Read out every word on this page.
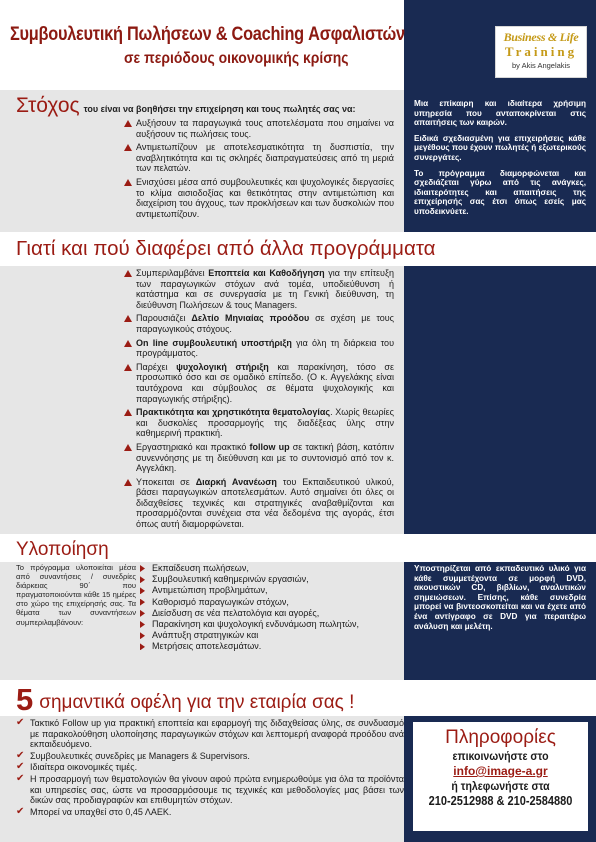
Συμβουλευτική Πωλήσεων & Coaching Ασφαλιστών
σε περιόδους οικονομικής κρίσης
Business & Life
Training
by Akis Angelakis
Στόχος του είναι να βοηθήσει την επιχείρηση και τους πωλητές σας να:
Αυξήσουν τα παραγωγικά τους αποτελέσματα που σημαίνει να αυξήσουν τις πωλήσεις τους.
Αντιμετωπίζουν με αποτελεσματικότητα τη δυσπιστία, την αναβλητικότητα και τις σκληρές διαπραγματεύσεις από τη μεριά των πελατών.
Ενισχύσει μέσα από συμβουλευτικές και ψυχολογικές διεργασίες το κλίμα αισιοδοξίας και θετικότητας στην αντιμετώπιση και διαχείριση του άγχους, των προκλήσεων και των δυσκολιών που αντιμετωπίζουν.

Μια επίκαιρη και ιδιαίτερα χρήσιμη υπηρεσία που ανταποκρίνεται στις απαιτήσεις των καιρών.

Ειδικά σχεδιασμένη για επιχειρήσεις κάθε μεγέθους που έχουν πωλητές ή εξωτερικούς συνεργάτες.

Το πρόγραμμα διαμορφώνεται και σχεδιάζεται γύρω από τις ανάγκες, ιδιαιτερότητες και απαιτήσεις της επιχείρησής σας έτσι όπως εσείς μας υποδεικνύετε.

Γιατί και πού διαφέρει από άλλα προγράμματα
Συμπεριλαμβάνει Εποπτεία και Καθοδήγηση για την επίτευξη των παραγωγικών στόχων ανά τομέα, υποδιεύθυνση ή κατάστημα και σε συνεργασία με τη Γενική διεύθυνση, τη διεύθυνση Πωλήσεων & τους Managers.
Παρουσιάζει Δελτίο Μηνιαίας προόδου σε σχέση με τους παραγωγικούς στόχους.
On line συμβουλευτική υποστήριξη για όλη τη διάρκεια του προγράμματος.
Παρέχει ψυχολογική στήριξη και παρακίνηση, τόσο σε προσωπικό όσο και σε ομαδικό επίπεδο. (Ο κ. Αγγελάκης είναι ταυτόχρονα και σύμβουλος σε θέματα ψυχολογικής και παραγωγικής στήριξης).
Πρακτικότητα και χρηστικότητα θεματολογίας. Χωρίς θεωρίες και δυσκολίες προσαρμογής της διαδέξεας ύλης στην καθημερινή πρακτική.
Εργαστηριακό και πρακτικό follow up σε τακτική βάση, κατόπιν συνεννόησης με τη διεύθυνση και με το συντονισμό από τον κ. Αγγελάκη.
Υποκειται σε Διαρκή Ανανέωση του Εκπαιδευτικού υλικού, βάσει παραγωγικών αποτελεσμάτων. Αυτό σημαίνει ότι όλες οι διδαχθείσες τεχνικές και στρατηγικές αναβαθμίζονται και προσαρμόζονται συνέχεια στα νέα δεδομένα της αγοράς, έτσι όπως αυτή διαμορφώνεται.
Υλοποίηση
Το πρόγραμμα υλοποιείται μέσα από συναντήσεις / συνεδρίες διάρκειας 90΄ που πραγματοποιούνται κάθε 15 ημέρες στο χώρο της επιχείρησής σας. Τα θέματα των συναντήσεων συμπεριλαμβάνουν:
Εκπαίδευση πωλήσεων,
Συμβουλευτική καθημερινών εργασιών,
Αντιμετώπιση προβλημάτων,
Καθορισμό παραγωγικών στόχων,
Διείσδυση σε νέα πελατολόγια και αγορές,
Παρακίνηση και ψυχολογική ενδυνάμωση πωλητών,
Ανάπτυξη στρατηγικών και
Μετρήσεις αποτελεσμάτων.
Υποστηρίζεται από εκπαδευτικό υλικό για κάθε συμμετέχοντα σε μορφή DVD, ακουστικών CD, βιβλίων, αναλυτικών σημειώσεων. Επίσης, κάθε συνεδρία μπορεί να βιντεοσκοπείται και να έχετε από ένα αντίγραφο σε DVD για περαιτέρω ανάλυση και μελέτη.
5 σημαντικά οφέλη για την εταιρία σας !
✔ Τακτικό Follow up για πρακτική εποπτεία και εφαρμογή της διδαχθείσας ύλης, σε συνδυασμό με παρακολούθηση υλοποίησης παραγωγικών στόχων και λεπτομερή αναφορά προόδου ανά εκπαιδευόμενο.
✔ Συμβουλευτικές συνεδρίες με Managers & Supervisors.
✔ Ιδιαίτερα οικονομικές τιμές.
✔ Η προσαρμογή των θεματολογιών θα γίνουν αφού πρώτα ενημερωθούμε για όλα τα προϊόντα και υπηρεσίες σας, ώστε να προσαρμόσουμε τις τεχνικές και μεθοδολογίες μας βάσει των δικών σας προδιαγραφών και επιθυμητών στόχων.
✔ Μπορεί να υπαχθεί στο 0,45 ΛΑΕΚ.
Πληροφορίες
επικοινωνήστε στο
info@image-a.gr
ή τηλεφωνήστε στα
210-2512988 & 210-2584880
